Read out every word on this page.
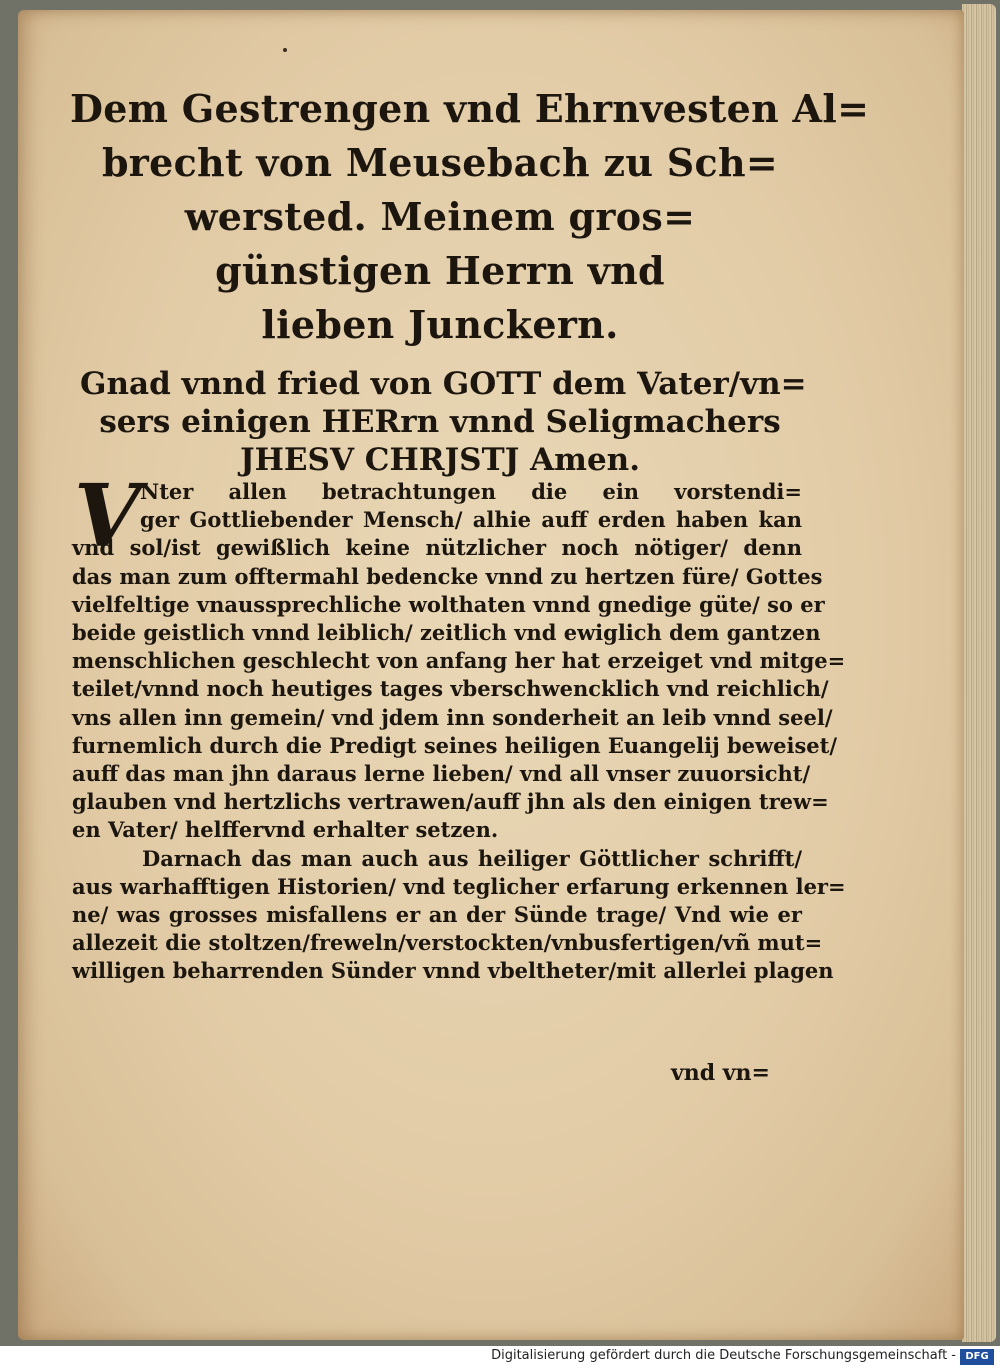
Dem Gestrengen vnd Ehrnvesten Al=
brecht von Meusebach zu Sch=
wersted. Meinem gros=
günstigen Herrn vnd
lieben Junckern.
Gnad vnnd fried von GOTT dem Vater/vn=
sers einigen HERrn vnnd Seligmachers
JHESV CHRJSTJ Amen.
V Nter allen betrachtungen die ein vorstendi=
ger Gottliebender Mensch/ alhie auff erden haben kan
vnd sol/ist gewißlich keine nützlicher noch nötiger/ denn
das man zum offtermahl bedencke vnnd zu hertzen füre/ Gottes
vielfeltige vnaussprechliche wolthaten vnnd gnedige güte/ so er
beide geistlich vnnd leiblich/ zeitlich vnd ewiglich dem gantzen
menschlichen geschlecht von anfang her hat erzeiget vnd mitge=
teilet/vnnd noch heutiges tages vberschwencklich vnd reichlich/
vns allen inn gemein/ vnd jdem inn sonderheit an leib vnnd seel/
furnemlich durch die Predigt seines heiligen Euangelij beweiset/
auff das man jhn daraus lerne lieben/ vnd all vnser zuuorsicht/
glauben vnd hertzlichs vertrawen/auff jhn als den einigen trew=
en Vater/ helffervnd erhalter setzen.
Darnach das man auch aus heiliger Göttlicher schrifft/
aus warhafftigen Historien/ vnd teglicher erfarung erkennen ler=
ne/ was grosses misfallens er an der Sünde trage/ Vnd wie er
allezeit die stoltzen/freweln/verstockten/vnbusfertigen/vñ mut=
willigen beharrenden Sünder vnnd vbeltheter/mit allerlei plagen
vnd vn=
Digitalisierung gefördert durch die Deutsche Forschungsgemeinschaft - DFG
